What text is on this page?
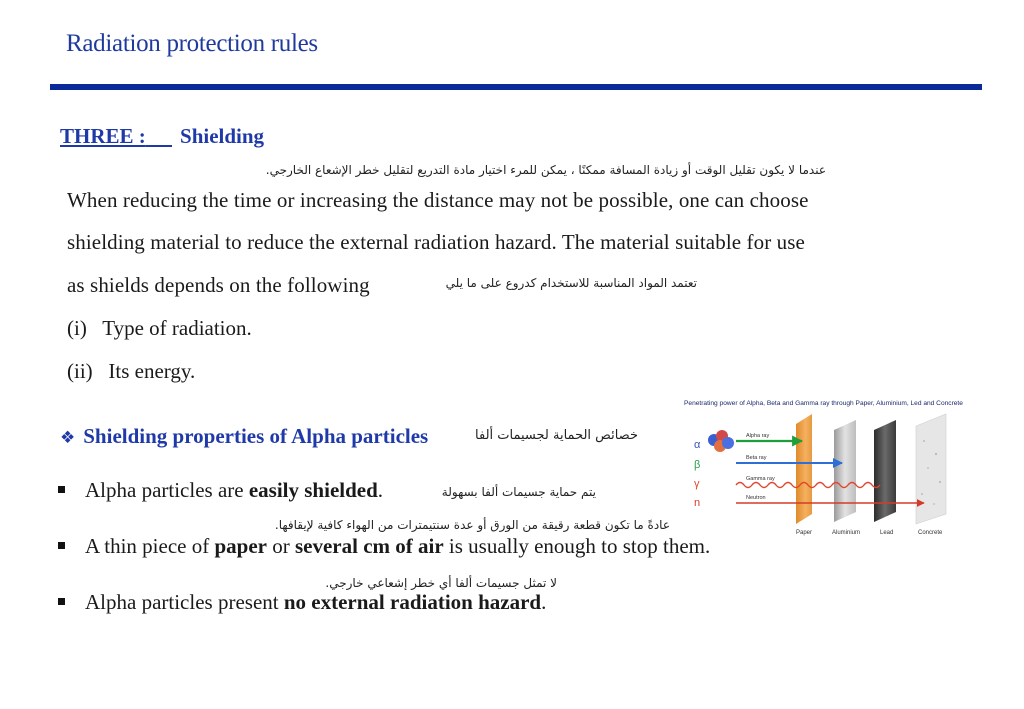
Radiation protection rules
THREE : Shielding
عندما لا يكون تقليل الوقت أو زيادة المسافة ممكنًا ، يمكن للمرء اختيار مادة التدريع لتقليل خطر الإشعاع الخارجي.
When reducing the time or increasing the distance may not be possible, one can choose
shielding material to reduce the external radiation hazard. The material suitable for use
as shields depends on the following	تعتمد المواد المناسبة للاستخدام كدروع على ما يلي
(i) Type of radiation.
(ii) Its energy.
❖ Shielding properties of Alpha particles	خصائص الحماية لجسيمات ألفا
Alpha particles are easily shielded.	يتم حماية جسيمات ألفا بسهولة
عادةً ما تكون قطعة رقيقة من الورق أو عدة سنتيمترات من الهواء كافية لإيقافها.
A thin piece of paper or several cm of air is usually enough to stop them.
لا تمثل جسيمات ألفا أي خطر إشعاعي خارجي.
Alpha particles present no external radiation hazard.
Penetrating power of Alpha, Beta and Gamma ray through Paper, Aluminium, Led and Concrete
α
β
γ
n
Alpha ray
Beta ray
Gamma ray
Neutron
Paper	Aluminium	Lead	Concrete
